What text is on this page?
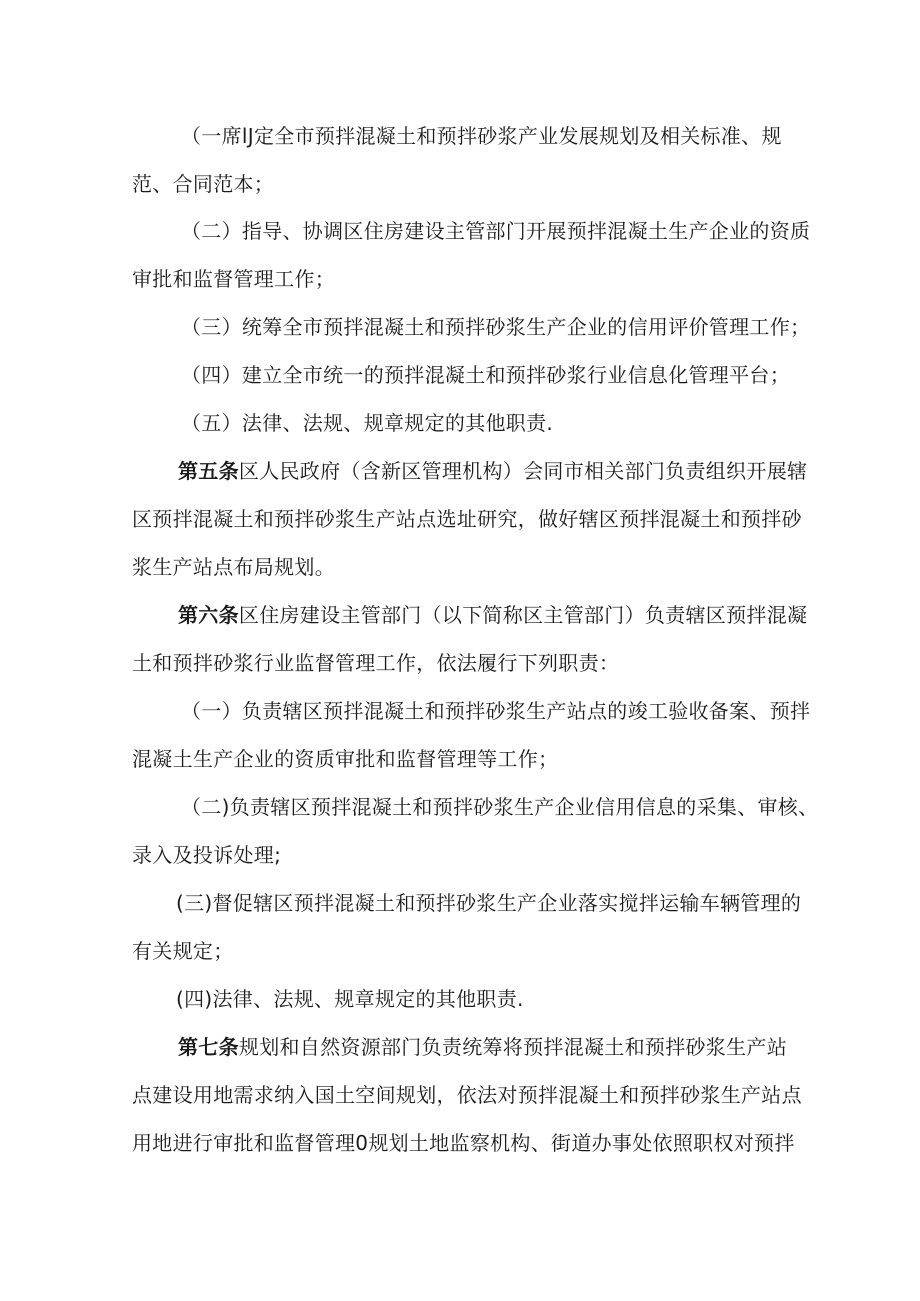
（一席lJ定全市预拌混凝土和预拌砂浆产业发展规划及相关标准、规
范、合同范本；
（二）指导、协调区住房建设主管部门开展预拌混凝土生产企业的资质
审批和监督管理工作；
（三）统筹全市预拌混凝土和预拌砂浆生产企业的信用评价管理工作；
（四）建立全市统一的预拌混凝土和预拌砂浆行业信息化管理平台；
（五）法律、法规、规章规定的其他职责.
第五条区人民政府（含新区管理机构）会同市相关部门负责组织开展辖
区预拌混凝土和预拌砂浆生产站点选址研究，做好辖区预拌混凝土和预拌砂
浆生产站点布局规划。
第六条区住房建设主管部门（以下简称区主管部门）负责辖区预拌混凝
土和预拌砂浆行业监督管理工作，依法履行下列职责：
（一）负责辖区预拌混凝土和预拌砂浆生产站点的竣工验收备案、预拌
混凝土生产企业的资质审批和监督管理等工作；
（二)负责辖区预拌混凝土和预拌砂浆生产企业信用信息的采集、审核、
录入及投诉处理;
(三)督促辖区预拌混凝土和预拌砂浆生产企业落实搅拌运输车辆管理的
有关规定；
(四)法律、法规、规章规定的其他职责.
第七条规划和自然资源部门负责统筹将预拌混凝土和预拌砂浆生产站
点建设用地需求纳入国土空间规划，依法对预拌混凝土和预拌砂浆生产站点
用地进行审批和监督管理0规划土地监察机构、街道办事处依照职权对预拌
